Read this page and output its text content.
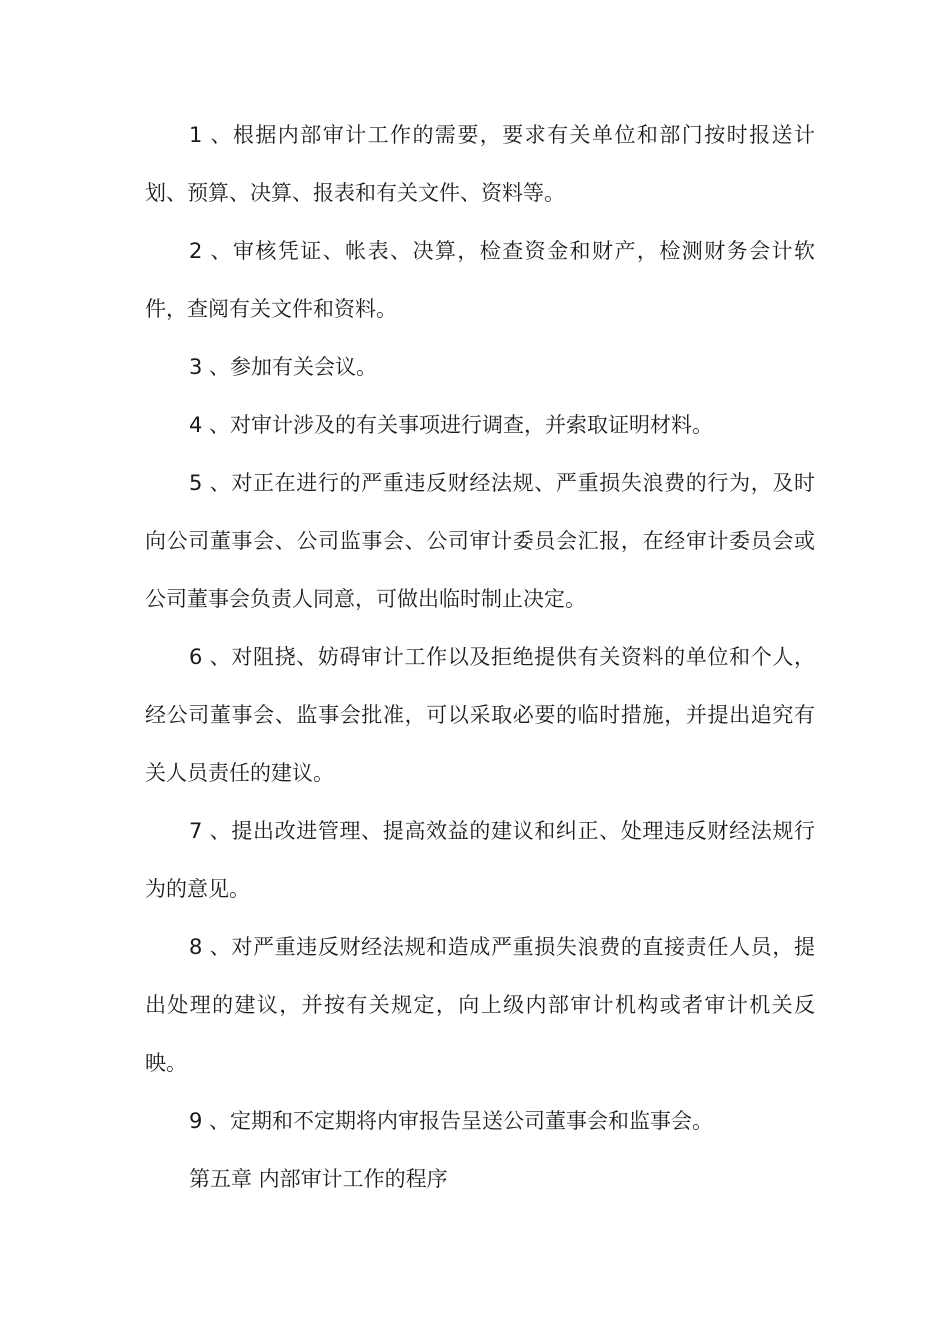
1 、根据内部审计工作的需要，要求有关单位和部门按时报送计划、预算、决算、报表和有关文件、资料等。

2 、审核凭证、帐表、决算，检查资金和财产，检测财务会计软件，查阅有关文件和资料。

3 、参加有关会议。

4 、对审计涉及的有关事项进行调查，并索取证明材料。

5 、对正在进行的严重违反财经法规、严重损失浪费的行为，及时向公司董事会、公司监事会、公司审计委员会汇报，在经审计委员会或公司董事会负责人同意，可做出临时制止决定。

6 、对阻挠、妨碍审计工作以及拒绝提供有关资料的单位和个人，经公司董事会、监事会批准，可以采取必要的临时措施，并提出追究有关人员责任的建议。

7 、提出改进管理、提高效益的建议和纠正、处理违反财经法规行为的意见。

8 、对严重违反财经法规和造成严重损失浪费的直接责任人员，提出处理的建议，并按有关规定，向上级内部审计机构或者审计机关反映。

9 、定期和不定期将内审报告呈送公司董事会和监事会。

第五章 内部审计工作的程序
